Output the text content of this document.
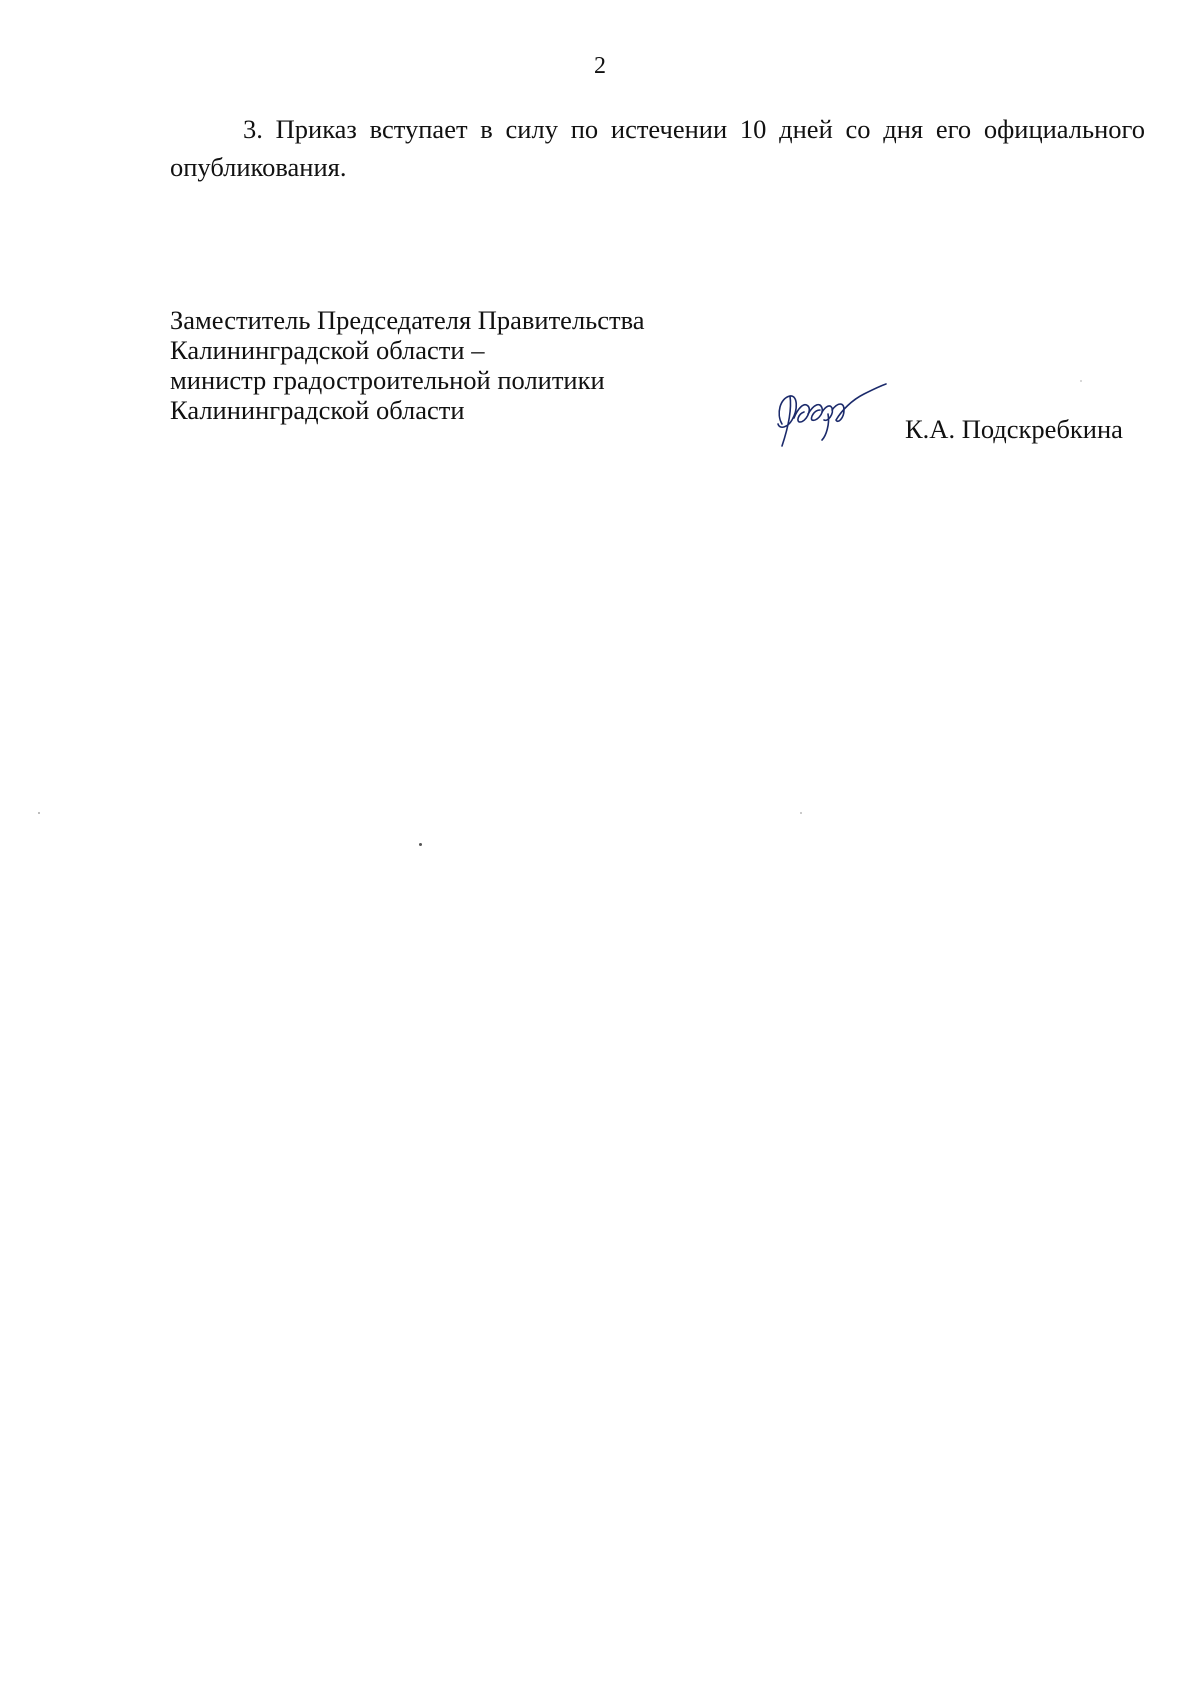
2
3. Приказ вступает в силу по истечении 10 дней со дня его официального
опубликования.
Заместитель Председателя Правительства
Калининградской области –
министр градостроительной политики
Калининградской области
К.А. Подскребкина
